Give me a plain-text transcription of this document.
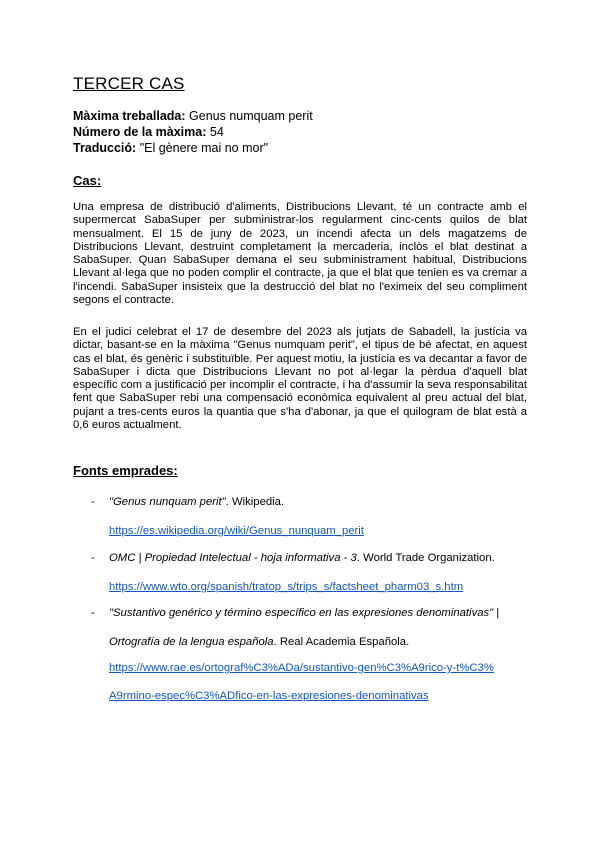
TERCER CAS
Màxima treballada: Genus numquam perit
Número de la màxima: 54
Traducció: "El gènere mai no mor"
Cas:
Una empresa de distribució d'aliments, Distribucions Llevant, té un contracte amb el supermercat SabaSuper per subministrar-los regularment cinc-cents quilos de blat mensualment. El 15 de juny de 2023, un incendi afecta un dels magatzems de Distribucions Llevant, destruint completament la mercaderia, inclòs el blat destinat a SabaSuper. Quan SabaSuper demana el seu subministrament habitual, Distribucions Llevant al·lega que no poden complir el contracte, ja que el blat que tenien es va cremar a l'incendi. SabaSuper insisteix que la destrucció del blat no l'eximeix del seu compliment segons el contracte.
En el judici celebrat el 17 de desembre del 2023 als jutjats de Sabadell, la justícia va dictar, basant-se en la màxima "Genus numquam perit", el tipus de bé afectat, en aquest cas el blat, és genèric i substituïble. Per aquest motiu, la justícia es va decantar a favor de SabaSuper i dicta que Distribucions Llevant no pot al·legar la pèrdua d'aquell blat específic com a justificació per incomplir el contracte, i ha d'assumir la seva responsabilitat fent que SabaSuper rebi una compensació econòmica equivalent al preu actual del blat, pujant a tres-cents euros la quantia que s'ha d'abonar, ja que el quilogram de blat està a 0,6 euros actualment.
Fonts emprades:
- "Genus nunquam perit". Wikipedia.
https://es.wikipedia.org/wiki/Genus_nunquam_perit
- OMC | Propiedad Intelectual - hoja informativa - 3. World Trade Organization.
https://www.wto.org/spanish/tratop_s/trips_s/factsheet_pharm03_s.htm
- "Sustantivo genérico y término específico en las expresiones denominativas" |
Ortografía de la lengua española. Real Academia Española.
https://www.rae.es/ortograf%C3%ADa/sustantivo-gen%C3%A9rico-y-t%C3%
A9rmino-espec%C3%ADfico-en-las-expresiones-denominativas
